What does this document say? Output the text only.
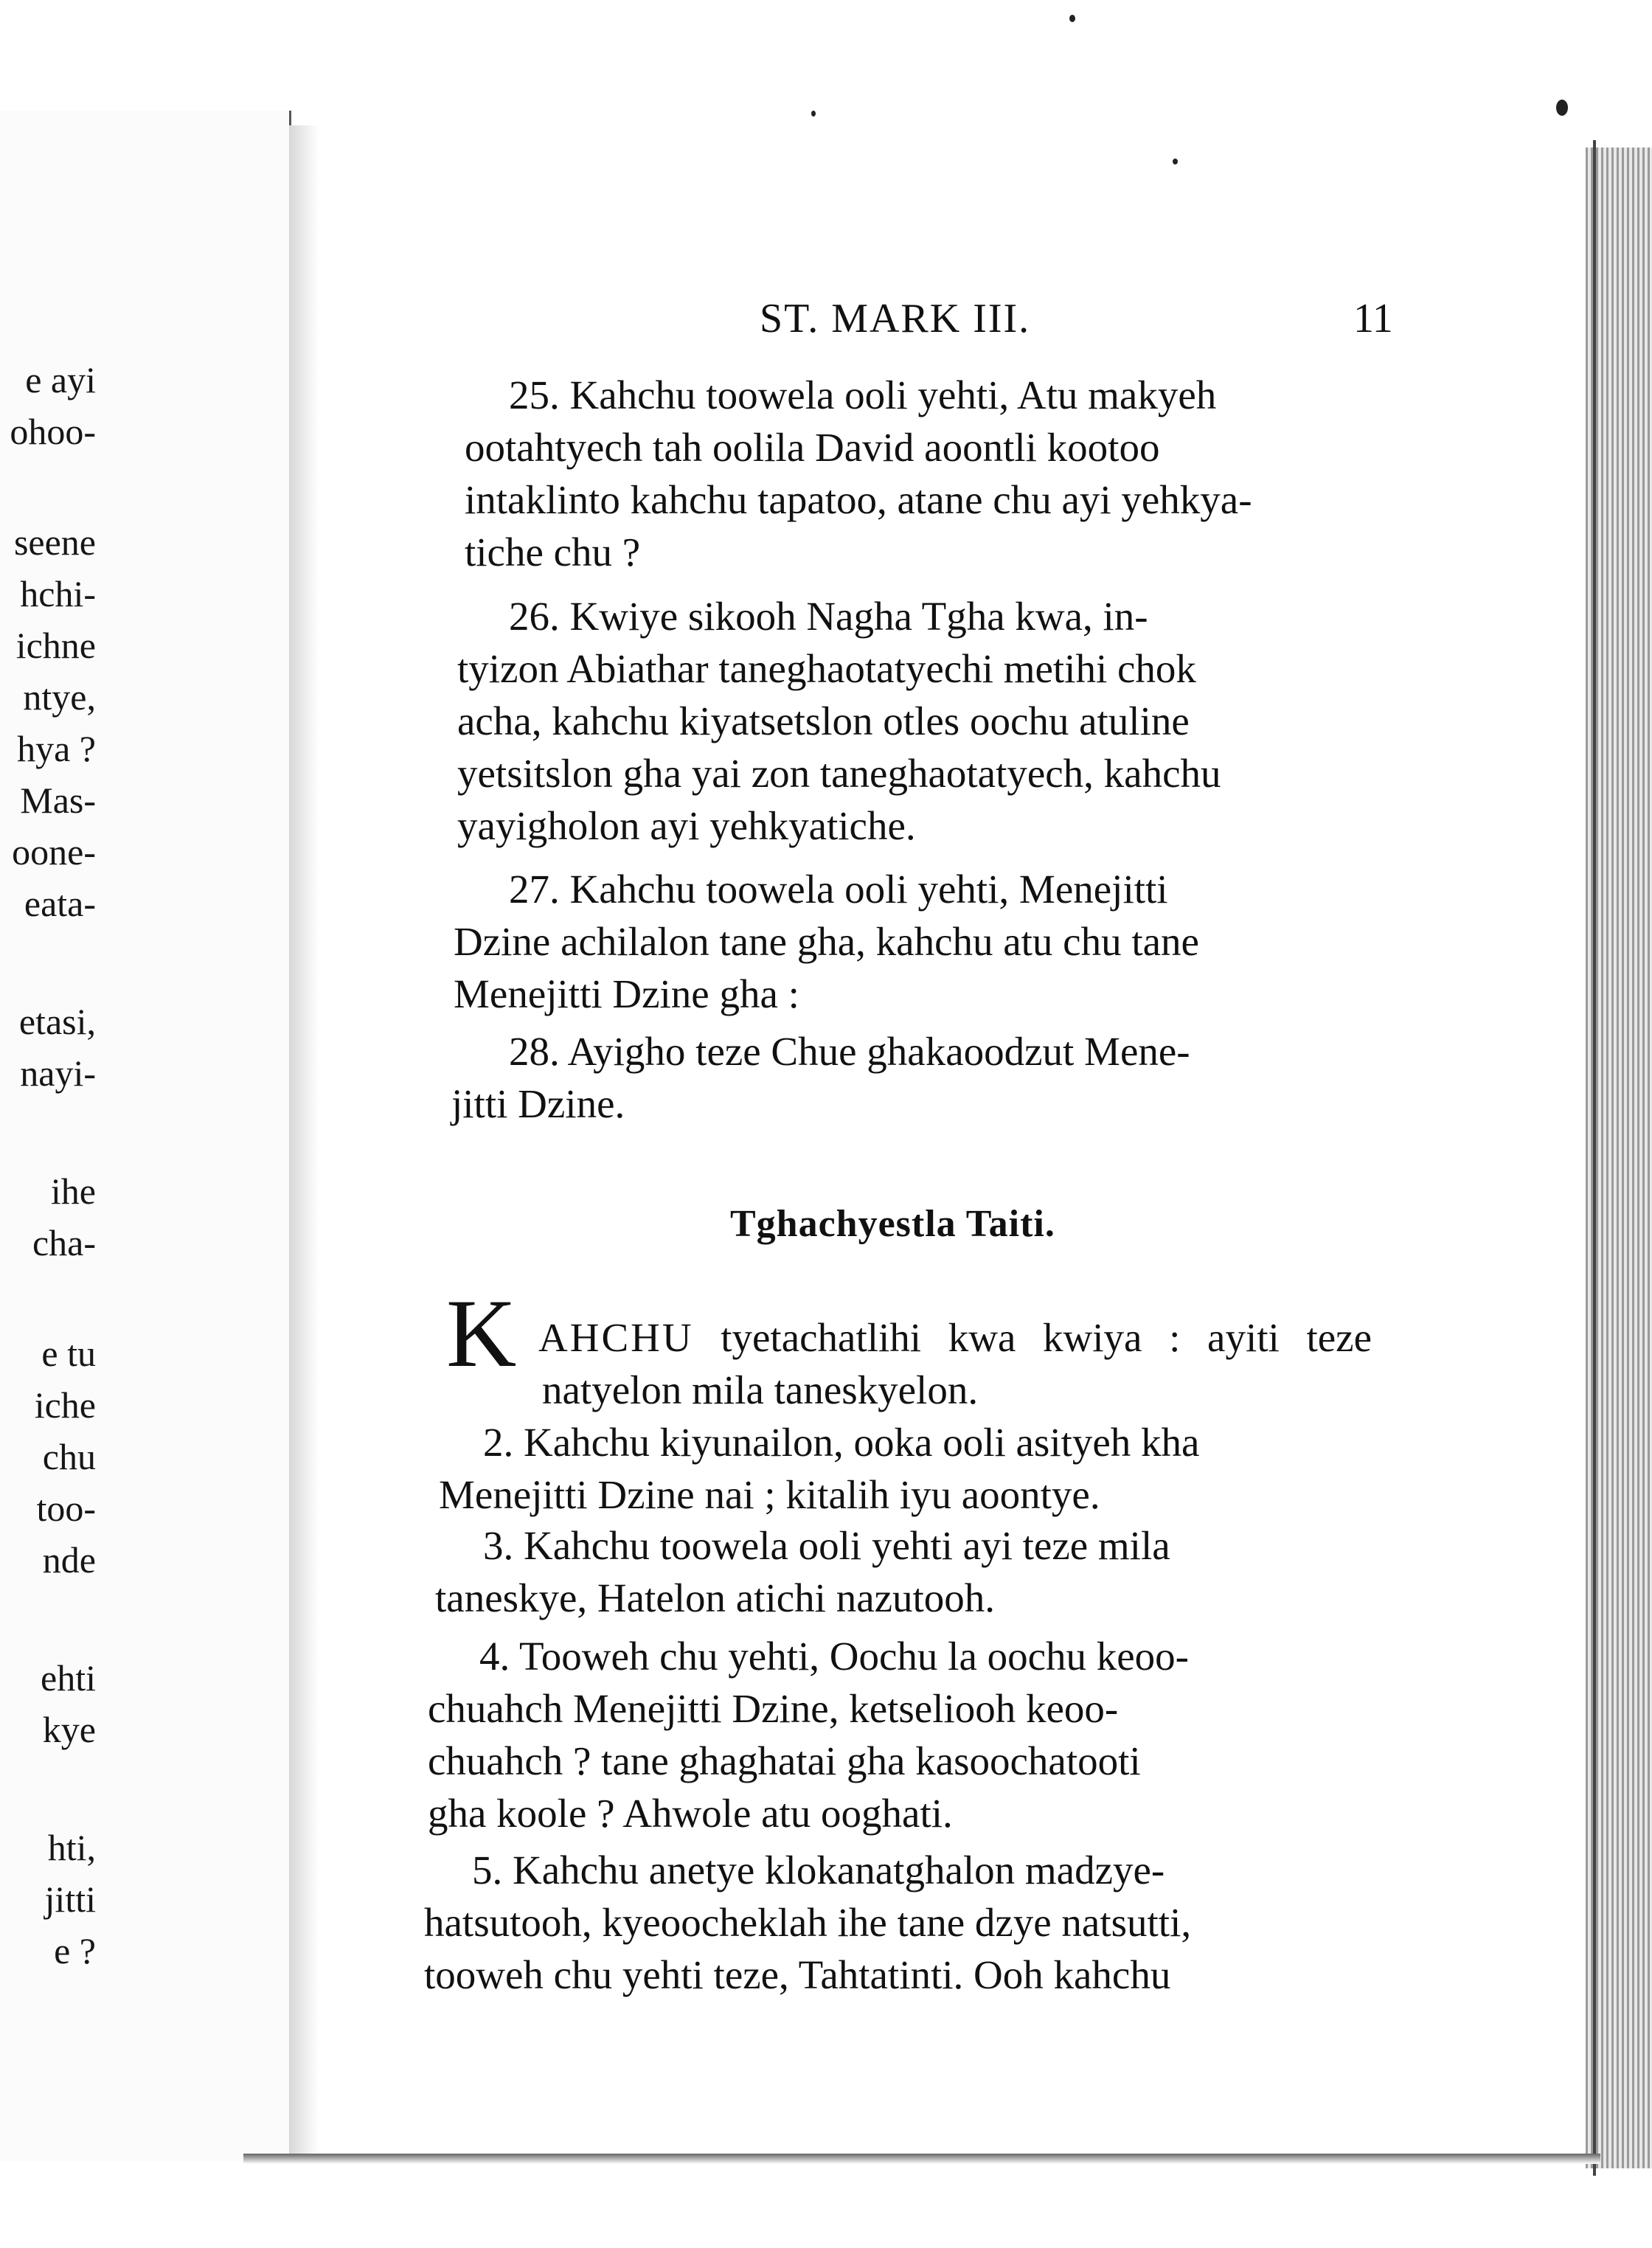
e ayi
ohoo-
seene
hchi-
ichne
ntye,
hya ?
Mas-
oone-
eata-
etasi,
nayi-
ihe
cha-
e tu
iche
chu
too-
nde
ehti
kye
hti,
jitti
e ?
ST. MARK III.	11
25. Kahchu toowela ooli yehti, Atu makyeh
ootahtyech tah oolila David aoontli kootoo
intaklinto kahchu tapatoo, atane chu ayi yehkya-
tiche chu ?
26. Kwiye sikooh Nagha Tgha kwa, in-
tyizon Abiathar taneghaotatyechi metihi chok
acha, kahchu kiyatsetslon otles oochu atuline
yetsitslon gha yai zon taneghaotatyech, kahchu
yayigholon ayi yehkyatiche.
27. Kahchu toowela ooli yehti, Menejitti
Dzine achilalon tane gha, kahchu atu chu tane
Menejitti Dzine gha :
28. Ayigho teze Chue ghakaoodzut Mene-
jitti Dzine.
Tghachyestla Taiti.
K AHCHU tyetachatlihi kwa kwiya : ayiti teze
natyelon mila taneskyelon.
2. Kahchu kiyunailon, ooka ooli asityeh kha
Menejitti Dzine nai ; kitalih iyu aoontye.
3. Kahchu toowela ooli yehti ayi teze mila
taneskye, Hatelon atichi nazutooh.
4. Tooweh chu yehti, Oochu la oochu keoo-
chuahch Menejitti Dzine, ketseliooh keoo-
chuahch ? tane ghaghatai gha kasoochatooti
gha koole ? Ahwole atu ooghati.
5. Kahchu anetye klokanatghalon madzye-
hatsutooh, kyeoocheklah ihe tane dzye natsutti,
tooweh chu yehti teze, Tahtatinti. Ooh kahchu
